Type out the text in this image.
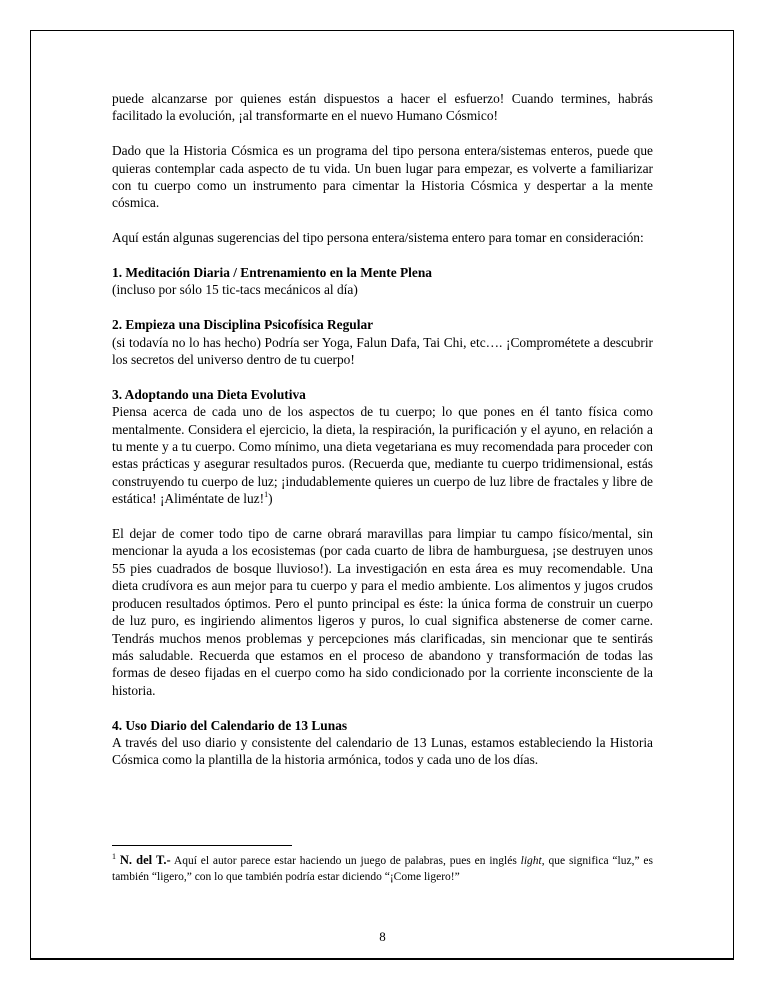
puede alcanzarse por quienes están dispuestos a hacer el esfuerzo! Cuando termines, habrás facilitado la evolución, ¡al transformarte en el nuevo Humano Cósmico!

Dado que la Historia Cósmica es un programa del tipo persona entera/sistemas enteros, puede que quieras contemplar cada aspecto de tu vida. Un buen lugar para empezar, es volverte a familiarizar con tu cuerpo como un instrumento para cimentar la Historia Cósmica y despertar a la mente cósmica.

Aquí están algunas sugerencias del tipo persona entera/sistema entero para tomar en consideración:

1. Meditación Diaria / Entrenamiento en la Mente Plena

(incluso por sólo 15 tic-tacs mecánicos al día)

2. Empieza una Disciplina Psicofísica Regular

(si todavía no lo has hecho) Podría ser Yoga, Falun Dafa, Tai Chi, etc…. ¡Comprométete a descubrir los secretos del universo dentro de tu cuerpo!

3. Adoptando una Dieta Evolutiva

Piensa acerca de cada uno de los aspectos de tu cuerpo; lo que pones en él tanto física como mentalmente. Considera el ejercicio, la dieta, la respiración, la purificación y el ayuno, en relación a tu mente y a tu cuerpo. Como mínimo, una dieta vegetariana es muy recomendada para proceder con estas prácticas y asegurar resultados puros. (Recuerda que, mediante tu cuerpo tridimensional, estás construyendo tu cuerpo de luz; ¡indudablemente quieres un cuerpo de luz libre de fractales y libre de estática! ¡Aliméntate de luz!$^1$)

El dejar de comer todo tipo de carne obrará maravillas para limpiar tu campo físico/mental, sin mencionar la ayuda a los ecosistemas (por cada cuarto de libra de hamburguesa, ¡se destruyen unos 55 pies cuadrados de bosque lluvioso!). La investigación en esta área es muy recomendable. Una dieta crudívora es aun mejor para tu cuerpo y para el medio ambiente. Los alimentos y jugos crudos producen resultados óptimos. Pero el punto principal es éste: la única forma de construir un cuerpo de luz puro, es ingiriendo alimentos ligeros y puros, lo cual significa abstenerse de comer carne. Tendrás muchos menos problemas y percepciones más clarificadas, sin mencionar que te sentirás más saludable. Recuerda que estamos en el proceso de abandono y transformación de todas las formas de deseo fijadas en el cuerpo como ha sido condicionado por la corriente inconsciente de la historia.

4. Uso Diario del Calendario de 13 Lunas

A través del uso diario y consistente del calendario de 13 Lunas, estamos estableciendo la Historia Cósmica como la plantilla de la historia armónica, todos y cada uno de los días.

$^1$ N. del T.- Aquí el autor parece estar haciendo un juego de palabras, pues en inglés light, que significa “luz,” es también “ligero,” con lo que también podría estar diciendo “¡Come ligero!”
8
